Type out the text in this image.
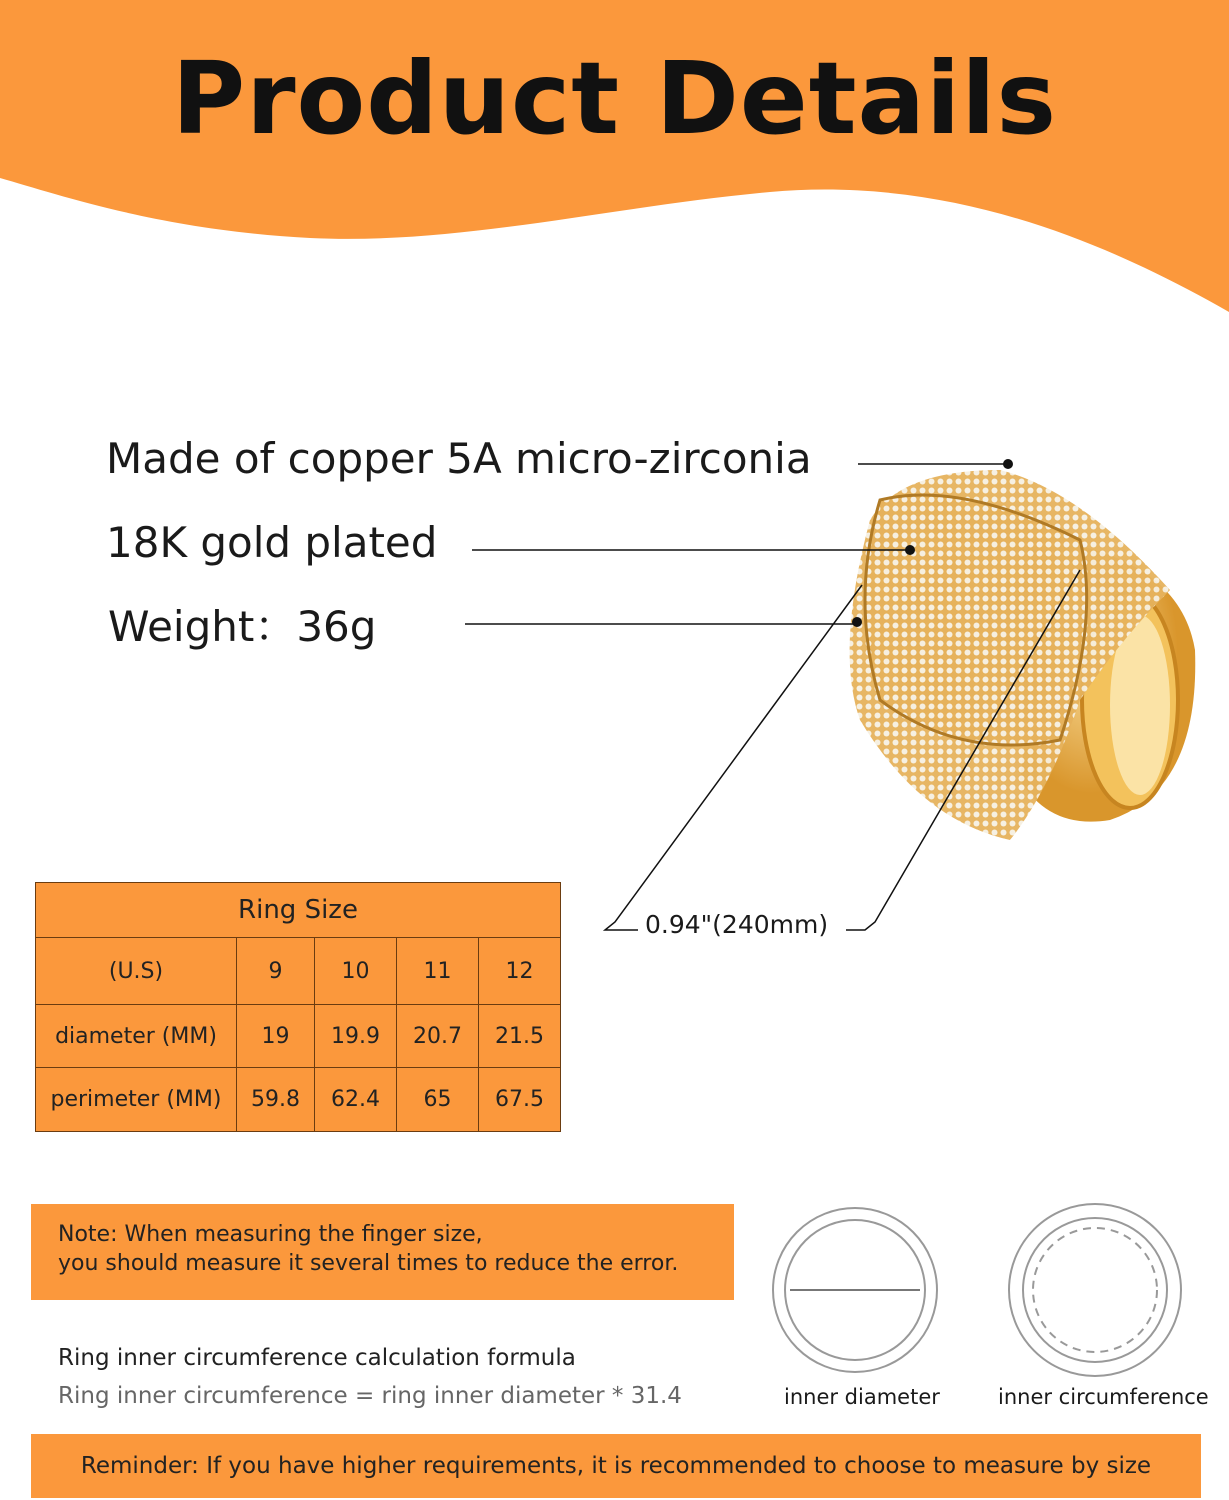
Product Details
Made of copper 5A micro-zirconia
18K gold plated
Weight：36g
0.94"(240mm)
Ring Size				
(U.S)	9	10	11	12
diameter (MM)	19	19.9	20.7	21.5
perimeter (MM)	59.8	62.4	65	67.5
Note: When measuring the finger size,
you should measure it several times to reduce the error.
Ring inner circumference calculation formula
Ring inner circumference = ring inner diameter * 31.4	inner diameter	inner circumference
Reminder: If you have higher requirements, it is recommended to choose to measure by size
